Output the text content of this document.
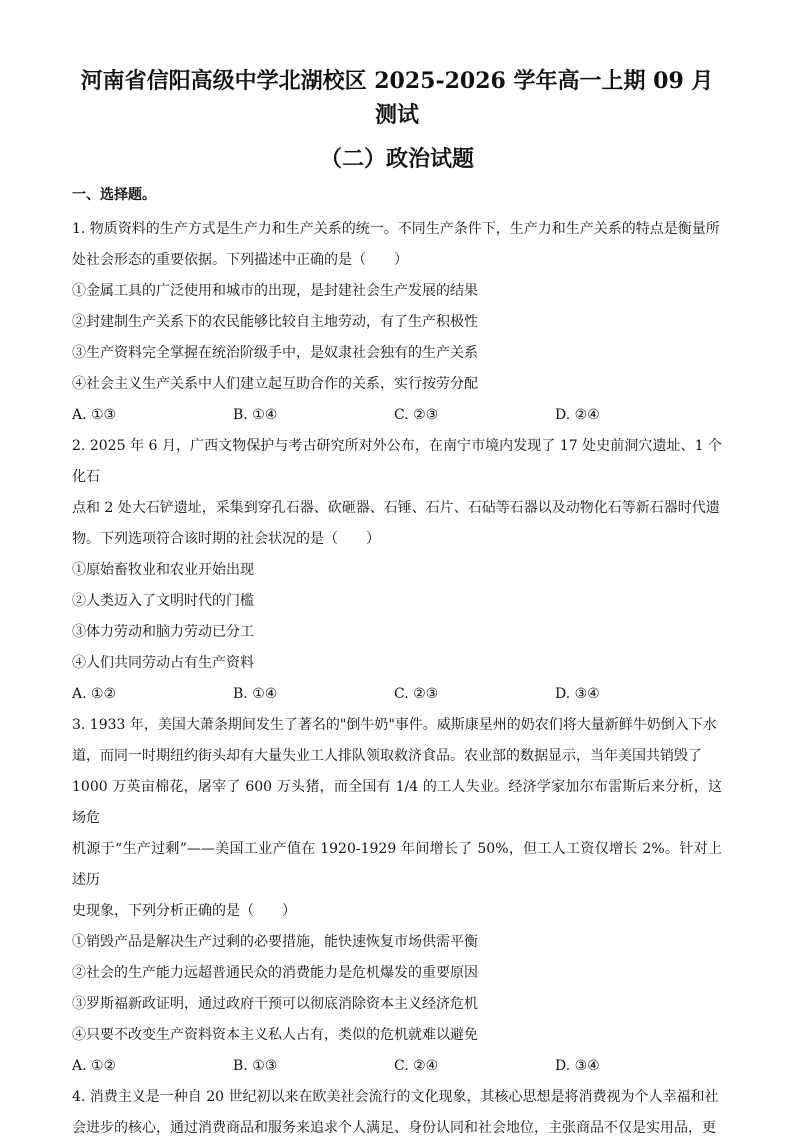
河南省信阳高级中学北湖校区 2025-2026 学年高一上期 09 月测试
（二）政治试题
一、选择题。

1. 物质资料的生产方式是生产力和生产关系的统一。不同生产条件下，生产力和生产关系的特点是衡量所

处社会形态的重要依据。下列描述中正确的是（　　）

①金属工具的广泛使用和城市的出现，是封建社会生产发展的结果

②封建制生产关系下的农民能够比较自主地劳动，有了生产积极性

③生产资料完全掌握在统治阶级手中，是奴隶社会独有的生产关系

④社会主义生产关系中人们建立起互助合作的关系，实行按劳分配

A. ①③	B. ①④	C. ②③	D. ②④

2. 2025 年 6 月，广西文物保护与考古研究所对外公布，在南宁市境内发现了 17 处史前洞穴遗址、1 个化石

点和 2 处大石铲遗址，采集到穿孔石器、砍砸器、石锤、石片、石砧等石器以及动物化石等新石器时代遗

物。下列选项符合该时期的社会状况的是（　　）

①原始畜牧业和农业开始出现

②人类迈入了文明时代的门槛

③体力劳动和脑力劳动已分工

④人们共同劳动占有生产资料

A. ①②	B. ①④	C. ②③	D. ③④

3. 1933 年，美国大萧条期间发生了著名的"倒牛奶"事件。威斯康星州的奶农们将大量新鲜牛奶倒入下水

道，而同一时期纽约街头却有大量失业工人排队领取救济食品。农业部的数据显示，当年美国共销毁了

1000 万英亩棉花，屠宰了 600 万头猪，而全国有 1/4 的工人失业。经济学家加尔布雷斯后来分析，这场危

机源于“生产过剩”——美国工业产值在 1920-1929 年间增长了 50%，但工人工资仅增长 2%。针对上述历

史现象，下列分析正确的是（　　）

①销毁产品是解决生产过剩的必要措施，能快速恢复市场供需平衡

②社会的生产能力远超普通民众的消费能力是危机爆发的重要原因

③罗斯福新政证明，通过政府干预可以彻底消除资本主义经济危机

④只要不改变生产资料资本主义私人占有，类似的危机就难以避免

A. ①②	B. ①③	C. ②④	D. ③④

4. 消费主义是一种自 20 世纪初以来在欧美社会流行的文化现象，其核心思想是将消费视为个人幸福和社

会进步的核心，通过消费商品和服务来追求个人满足、身份认同和社会地位，主张商品不仅是实用品，更
